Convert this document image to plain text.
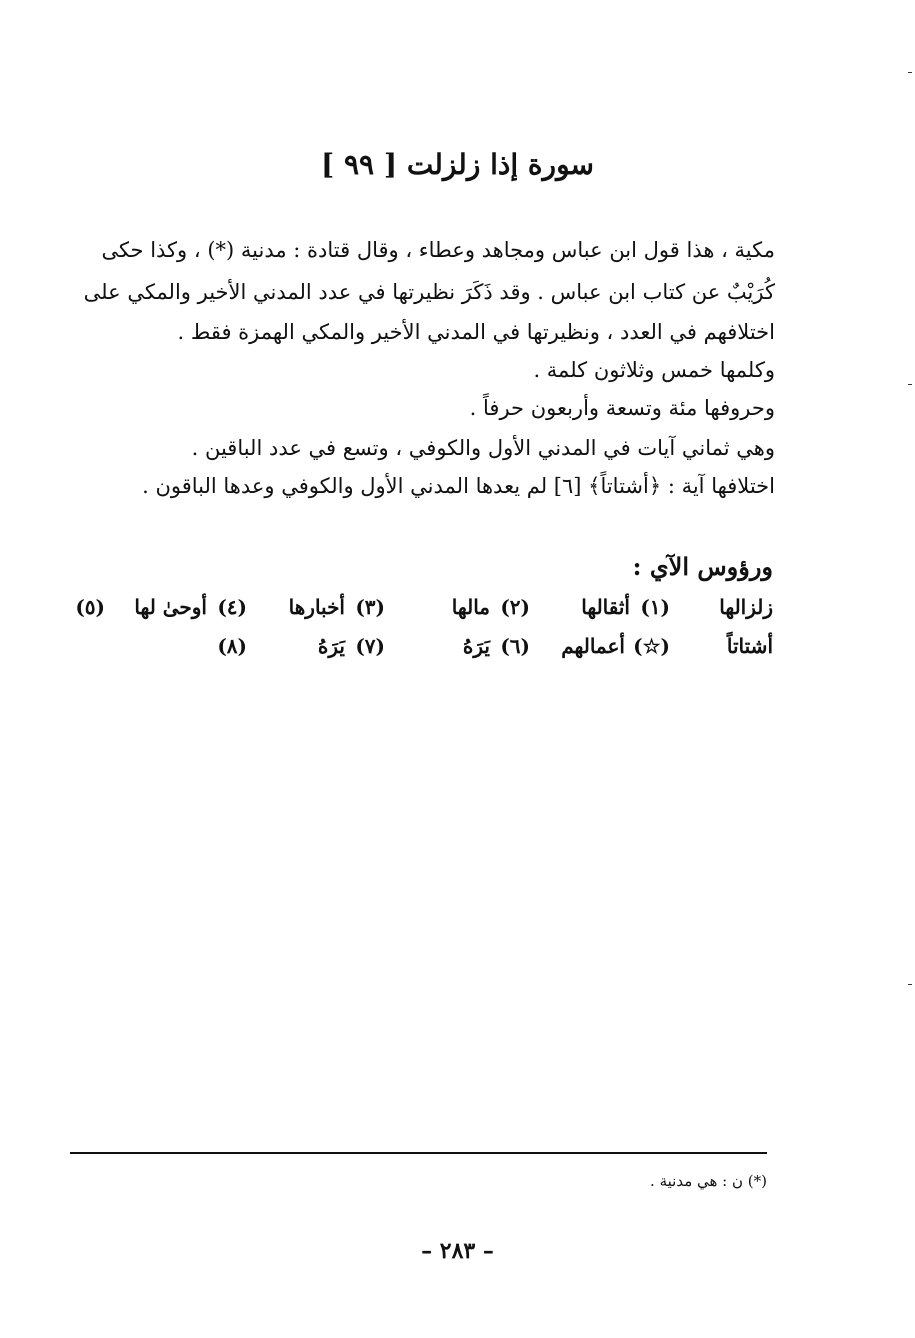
سورة إذا زلزلت [ ٩٩ ]
مكية ، هذا قول ابن عباس ومجاهد وعطاء ، وقال قتادة : مدنية (*) ، وكذا حكى
كُرَيْبٌ عن كتاب ابن عباس . وقد ذَكَرَ نظيرتها في عدد المدني الأخير والمكي على
اختلافهم في العدد ، ونظيرتها في المدني الأخير والمكي الهمزة فقط .
وكلمها خمس وثلاثون كلمة .
وحروفها مئة وتسعة وأربعون حرفاً .
وهي ثماني آيات في المدني الأول والكوفي ، وتسع في عدد الباقين .
اختلافها آية : ﴿أشتاتاً﴾ [٦] لم يعدها المدني الأول والكوفي وعدها الباقون .
ورؤوس الآي :
زلزالها
(١)
أثقالها
(٢)
مالها
(٣)
أخبارها
(٤)
أوحىٰ لها
(٥)
أشتاتاً
(☆)
أعمالهم
(٦)
يَرَهُ
(٧)
يَرَهُ
(٨)
(*) ن : هي مدنية .
– ٢٨٣ –
